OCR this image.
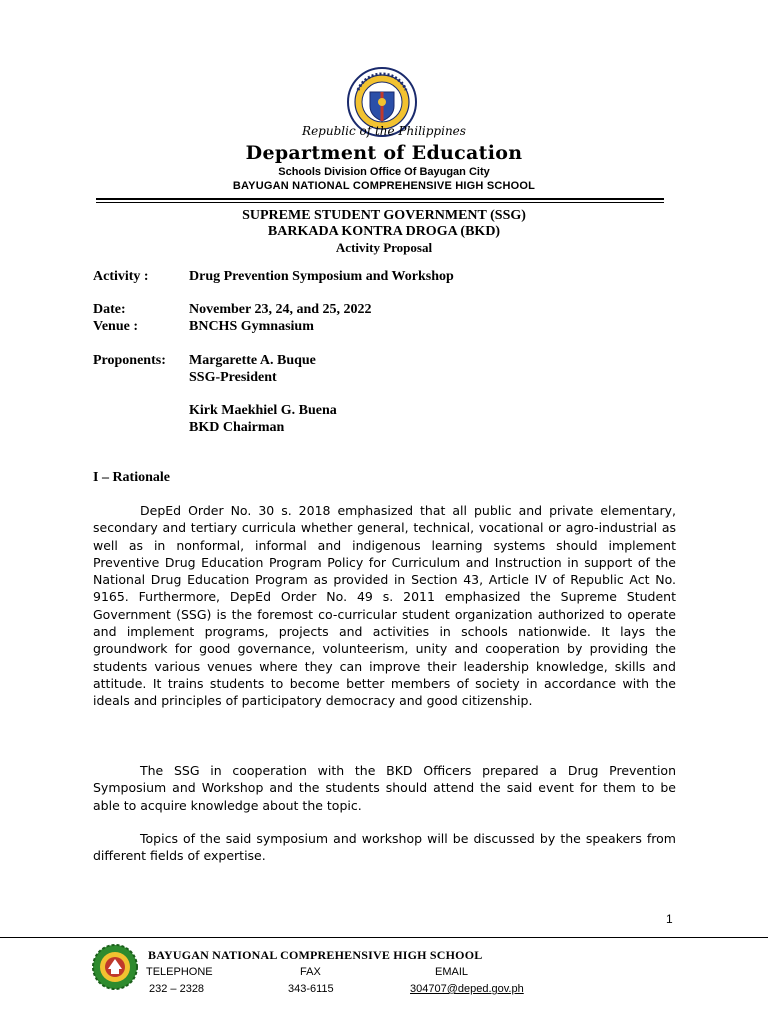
Republic of the Philippines
Department of Education
Schools Division Office Of Bayugan City
BAYUGAN NATIONAL COMPREHENSIVE HIGH SCHOOL
SUPREME STUDENT GOVERNMENT (SSG)
BARKADA KONTRA DROGA (BKD)
Activity Proposal
Activity :	Drug Prevention Symposium and Workshop
Date:	November 23, 24, and 25, 2022
Venue :	BNCHS Gymnasium
Proponents: Margarette A. Buque
SSG-President
Kirk Maekhiel G. Buena
BKD Chairman
I – Rationale

DepEd Order No. 30 s. 2018 emphasized that all public and private elementary, secondary and tertiary curricula whether general, technical, vocational or agro-industrial as well as in nonformal, informal and indigenous learning systems should implement Preventive Drug Education Program Policy for Curriculum and Instruction in support of the National Drug Education Program as provided in Section 43, Article IV of Republic Act No. 9165. Furthermore, DepEd Order No. 49 s. 2011 emphasized the Supreme Student Government (SSG) is the foremost co-curricular student organization authorized to operate and implement programs, projects and activities in schools nationwide. It lays the groundwork for good governance, volunteerism, unity and cooperation by providing the students various venues where they can improve their leadership knowledge, skills and attitude. It trains students to become better members of society in accordance with the ideals and principles of participatory democracy and good citizenship.

The SSG in cooperation with the BKD Officers prepared a Drug Prevention Symposium and Workshop and the students should attend the said event for them to be able to acquire knowledge about the topic.

Topics of the said symposium and workshop will be discussed by the speakers from different fields of expertise.

1
BAYUGAN NATIONAL COMPREHENSIVE HIGH SCHOOL
TELEPHONE
232 – 2328
FAX
343-6115
EMAIL
304707@deped.gov.ph
